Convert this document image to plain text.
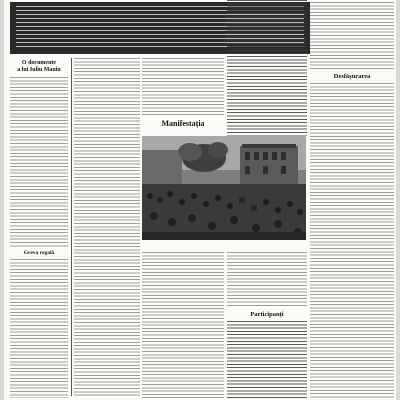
O documente
a lui Iuliu Maniu
Greva regală
Manifestația
Participanți
Desfășurarea
